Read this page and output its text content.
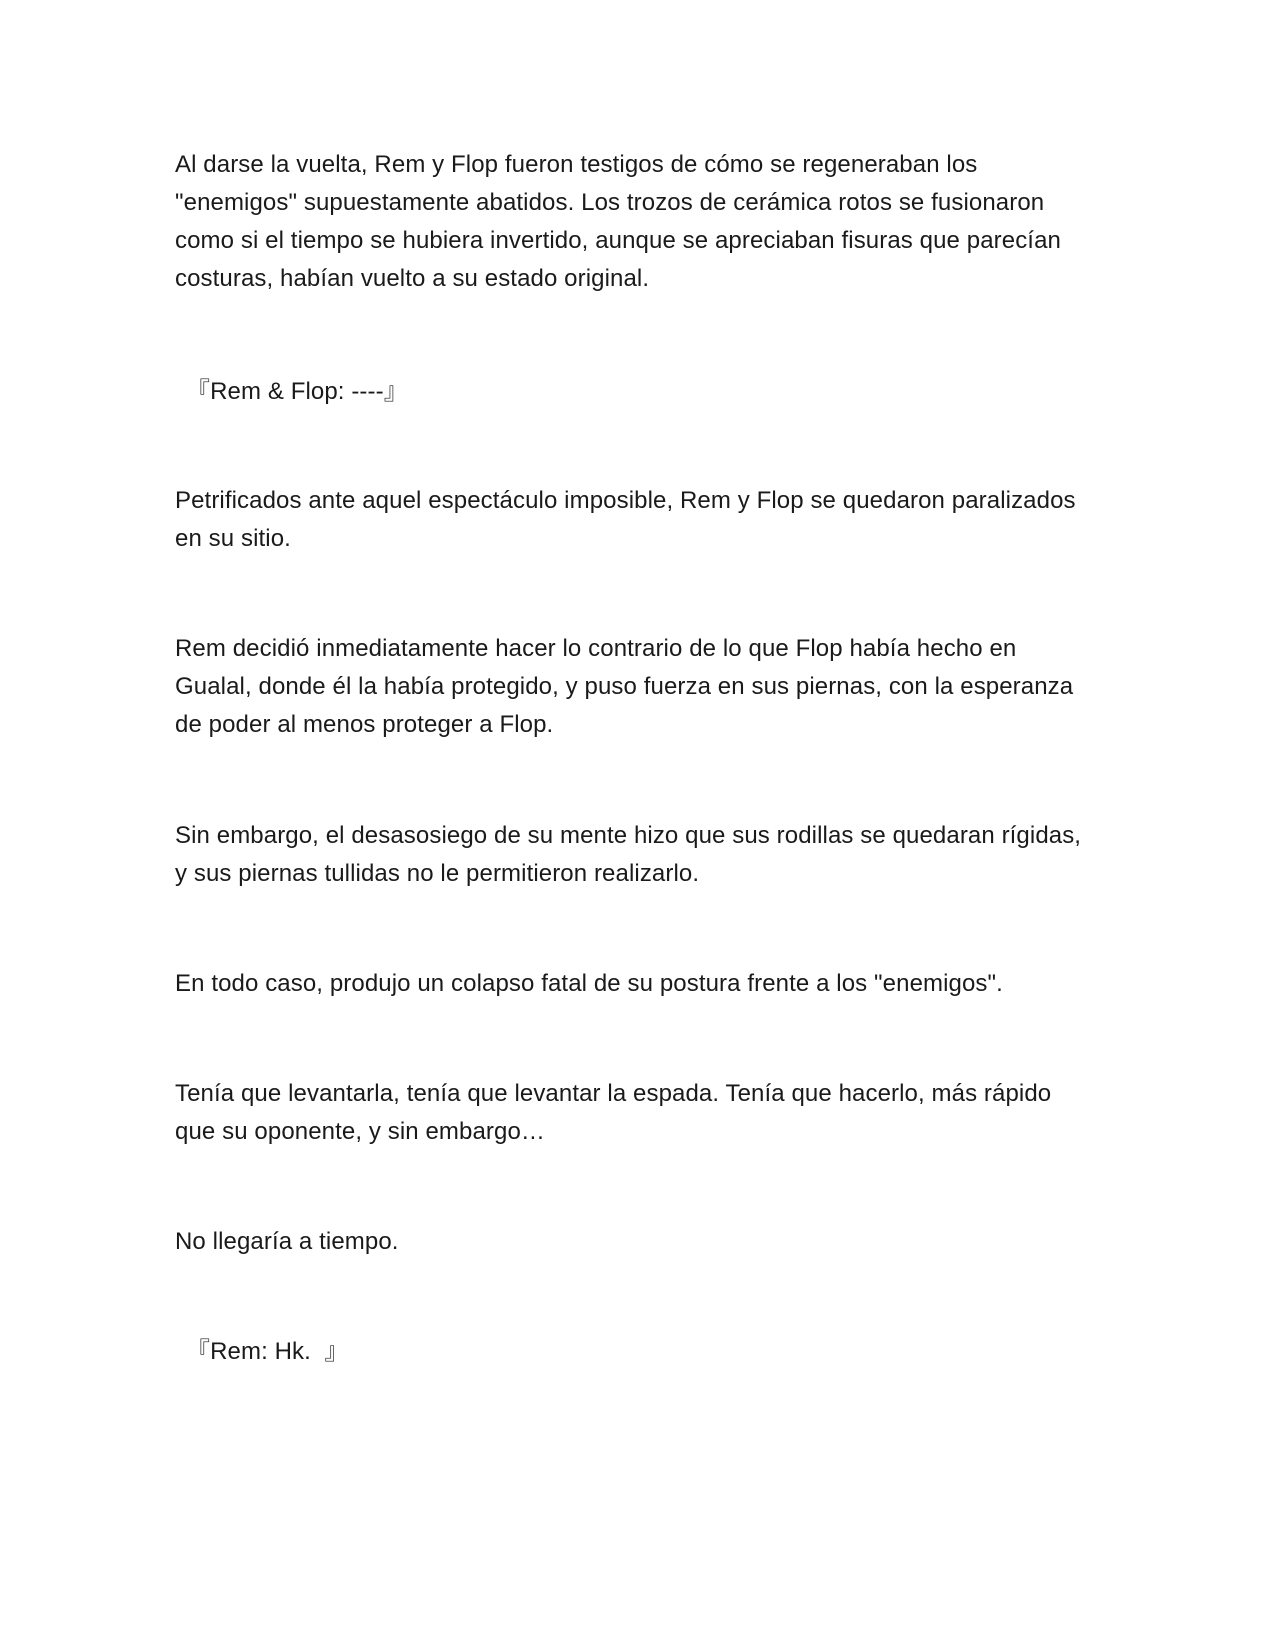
Al darse la vuelta, Rem y Flop fueron testigos de cómo se regeneraban los "enemigos" supuestamente abatidos. Los trozos de cerámica rotos se fusionaron como si el tiempo se hubiera invertido, aunque se apreciaban fisuras que parecían costuras, habían vuelto a su estado original.

『Rem & Flop: ----』

Petrificados ante aquel espectáculo imposible, Rem y Flop se quedaron paralizados en su sitio.

Rem decidió inmediatamente hacer lo contrario de lo que Flop había hecho en Gualal, donde él la había protegido, y puso fuerza en sus piernas, con la esperanza de poder al menos proteger a Flop.

Sin embargo, el desasosiego de su mente hizo que sus rodillas se quedaran rígidas, y sus piernas tullidas no le permitieron realizarlo.

En todo caso, produjo un colapso fatal de su postura frente a los "enemigos".

Tenía que levantarla, tenía que levantar la espada. Tenía que hacerlo, más rápido que su oponente, y sin embargo…

No llegaría a tiempo.

『Rem: Hk.  』
